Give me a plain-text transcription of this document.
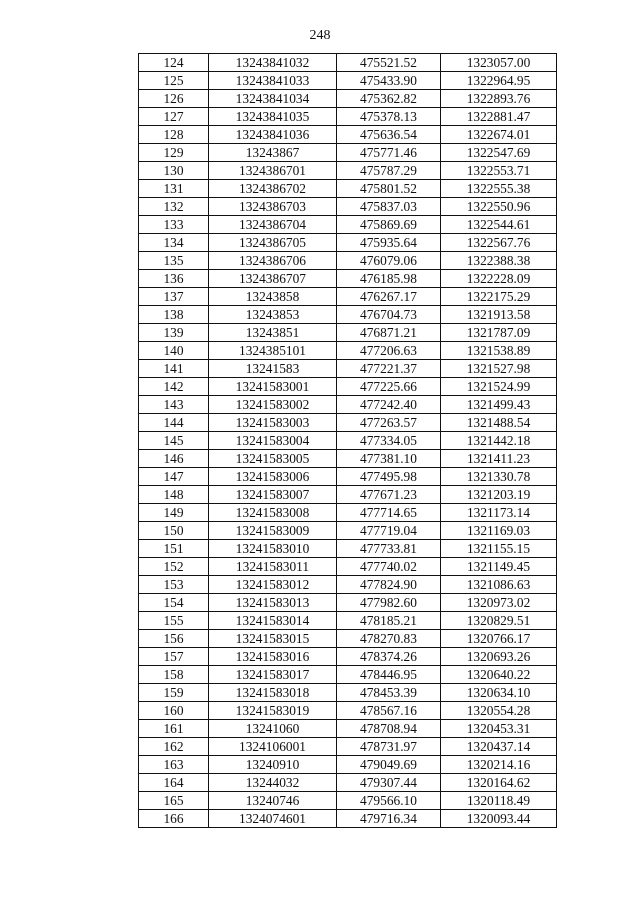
248
124	13243841032	475521.52	1323057.00
125	13243841033	475433.90	1322964.95
126	13243841034	475362.82	1322893.76
127	13243841035	475378.13	1322881.47
128	13243841036	475636.54	1322674.01
129	13243867	475771.46	1322547.69
130	1324386701	475787.29	1322553.71
131	1324386702	475801.52	1322555.38
132	1324386703	475837.03	1322550.96
133	1324386704	475869.69	1322544.61
134	1324386705	475935.64	1322567.76
135	1324386706	476079.06	1322388.38
136	1324386707	476185.98	1322228.09
137	13243858	476267.17	1322175.29
138	13243853	476704.73	1321913.58
139	13243851	476871.21	1321787.09
140	1324385101	477206.63	1321538.89
141	13241583	477221.37	1321527.98
142	13241583001	477225.66	1321524.99
143	13241583002	477242.40	1321499.43
144	13241583003	477263.57	1321488.54
145	13241583004	477334.05	1321442.18
146	13241583005	477381.10	1321411.23
147	13241583006	477495.98	1321330.78
148	13241583007	477671.23	1321203.19
149	13241583008	477714.65	1321173.14
150	13241583009	477719.04	1321169.03
151	13241583010	477733.81	1321155.15
152	13241583011	477740.02	1321149.45
153	13241583012	477824.90	1321086.63
154	13241583013	477982.60	1320973.02
155	13241583014	478185.21	1320829.51
156	13241583015	478270.83	1320766.17
157	13241583016	478374.26	1320693.26
158	13241583017	478446.95	1320640.22
159	13241583018	478453.39	1320634.10
160	13241583019	478567.16	1320554.28
161	13241060	478708.94	1320453.31
162	1324106001	478731.97	1320437.14
163	13240910	479049.69	1320214.16
164	13244032	479307.44	1320164.62
165	13240746	479566.10	1320118.49
166	1324074601	479716.34	1320093.44
